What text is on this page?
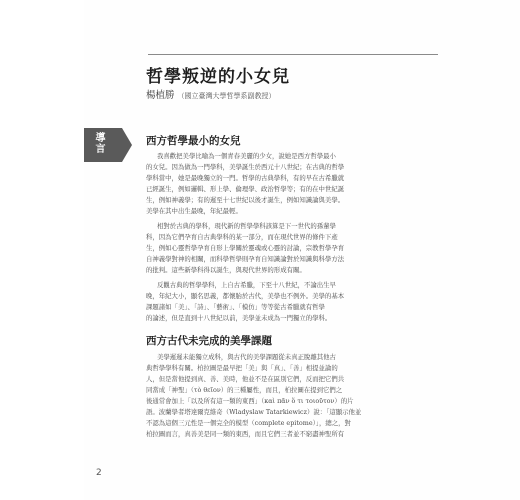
哲學叛逆的小女兒
楊植勝 （國立臺灣大學哲學系副教授）
導言	西方哲學最小的女兒
我喜歡把美學比喻為一個青春美麗的少女，說她是西方哲學最小
的女兒。因為做為一門學科，美學誕生於西元十八世紀；在古典的哲學
學科當中，她是最晚獨立的一門。哲學的古典學科，有的早在古希臘就
已經誕生，例如邏輯、形上學、倫理學、政治哲學等；有的在中世紀誕
生，例如神義學；有的遲至十七世紀以後才誕生，例如知識論與美學。
美學在其中出生最晚，年紀最輕。
相對於古典的學科，現代新的哲學學科該算是下一世代的孫輩學
科，因為它們孕育自古典學科的某一部分，而在現代世界的條件下產
生，例如心靈哲學孕育自形上學關於靈魂或心靈的討論，宗教哲學孕育
自神義學對神的相關，而科學哲學則孕育自知識論對於知識與科學方法
的批判。這些新學科得以誕生，與現代世界的形成有關。
反觀古典的哲學學科，上自古希臘，下至十八世紀，不論出生早
晚，年紀大小，顯名思義，都懷胎於古代，美學也不例外。美學的基本
課題諸如「美」、「詩」、「藝術」、「模仿」等等從古希臘就有哲學
的論述，但是直到十八世紀以前，美學並未成為一門獨立的學科。
西方古代未完成的美學課題
美學遲遲未能獨立成科，與古代的美學課題從未真正脫離其他古
典哲學學科有關。柏拉圖是最早把「美」與「真」、「善」相提並論的
人，但是當他提到真、善、美時，他並不是在區別它們，反而把它們共
同當成「神聖」（τὸ θεῖον）的三種屬性，而且，柏拉圖在提到它們之
後通常會加上「以及所有這一類的東西」（καὶ πᾶν ὅ τι τοιοῦτον）的片
語。波蘭學者塔達爾克維奇（Wladyslaw Tatarkiewicz）說：「這顯示他並
不認為這個三元性是一個完全的模型（complete epitome）」，總之，對
柏拉圖而言，真善美是同一類的東西，而且它們三者並不窮盡神聖所有
2
